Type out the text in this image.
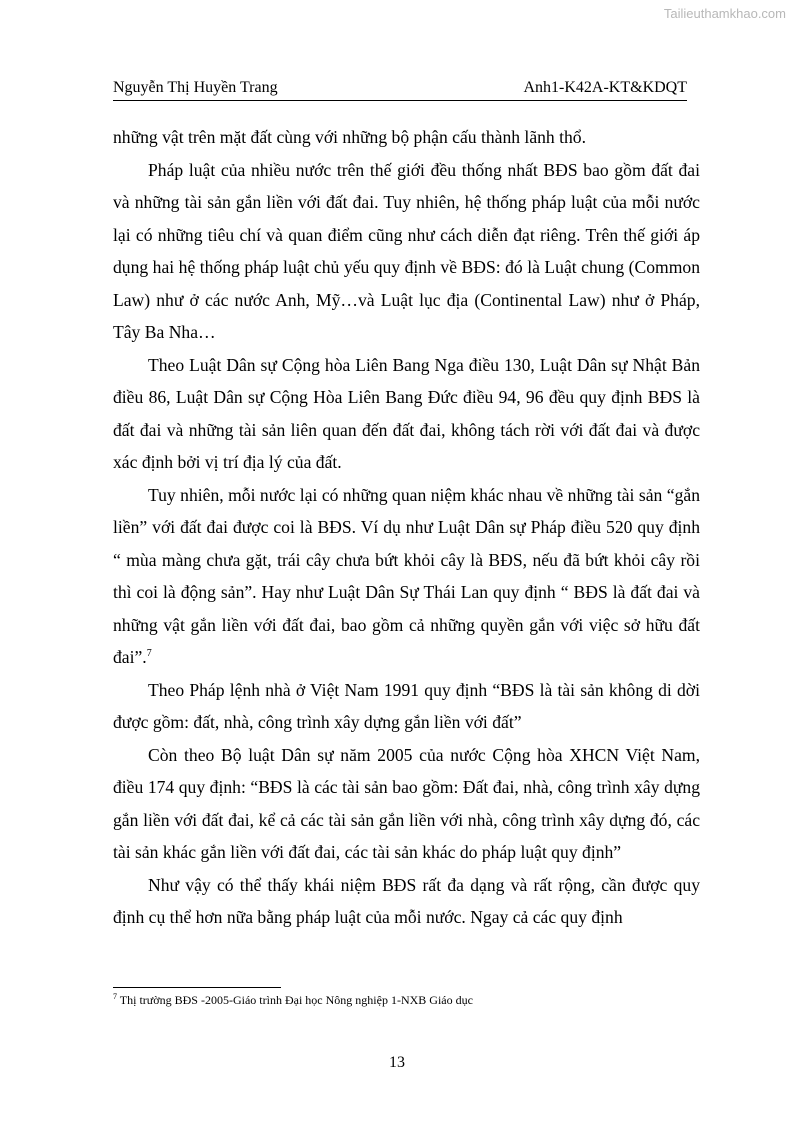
Tailieuthamkhao.com
Nguyễn Thị Huyền Trang	Anh1-K42A-KT&KDQT

những vật trên mặt đất cùng với những bộ phận cấu thành lãnh thổ.

Pháp luật của nhiều nước trên thế giới đều thống nhất BĐS bao gồm đất đai và những tài sản gắn liền với đất đai. Tuy nhiên, hệ thống pháp luật của mỗi nước lại có những tiêu chí và quan điểm cũng như cách diễn đạt riêng. Trên thế giới áp dụng hai hệ thống pháp luật chủ yếu quy định về BĐS: đó là Luật chung (Common Law) như ở các nước Anh, Mỹ…và Luật lục địa (Continental Law) như ở Pháp, Tây Ba Nha…

Theo Luật Dân sự Cộng hòa Liên Bang Nga điều 130, Luật Dân sự Nhật Bản điều 86, Luật Dân sự Cộng Hòa Liên Bang Đức điều 94, 96 đều quy định BĐS là đất đai và những tài sản liên quan đến đất đai, không tách rời với đất đai và được xác định bởi vị trí địa lý của đất.

Tuy nhiên, mỗi nước lại có những quan niệm khác nhau về những tài sản “gắn liền” với đất đai được coi là BĐS. Ví dụ như Luật Dân sự Pháp điều 520 quy định “ mùa màng chưa gặt, trái cây chưa bứt khỏi cây là BĐS, nếu đã bứt khỏi cây rồi thì coi là động sản”. Hay như Luật Dân Sự Thái Lan quy định “ BĐS là đất đai và những vật gắn liền với đất đai, bao gồm cả những quyền gắn với việc sở hữu đất đai”.$^7$

Theo Pháp lệnh nhà ở Việt Nam 1991 quy định “BĐS là tài sản không di dời được gồm: đất, nhà, công trình xây dựng gắn liền với đất”

Còn theo Bộ luật Dân sự năm 2005 của nước Cộng hòa XHCN Việt Nam, điều 174 quy định: “BĐS là các tài sản bao gồm: Đất đai, nhà, công trình xây dựng gắn liền với đất đai, kể cả các tài sản gắn liền với nhà, công trình xây dựng đó, các tài sản khác gắn liền với đất đai, các tài sản khác do pháp luật quy định”

Như vậy có thể thấy khái niệm BĐS rất đa dạng và rất rộng, cần được quy định cụ thể hơn nữa bằng pháp luật của mỗi nước. Ngay cả các quy định

$^7$ Thị trường BĐS -2005-Giáo trình Đại học Nông nghiệp 1-NXB Giáo dục
13
